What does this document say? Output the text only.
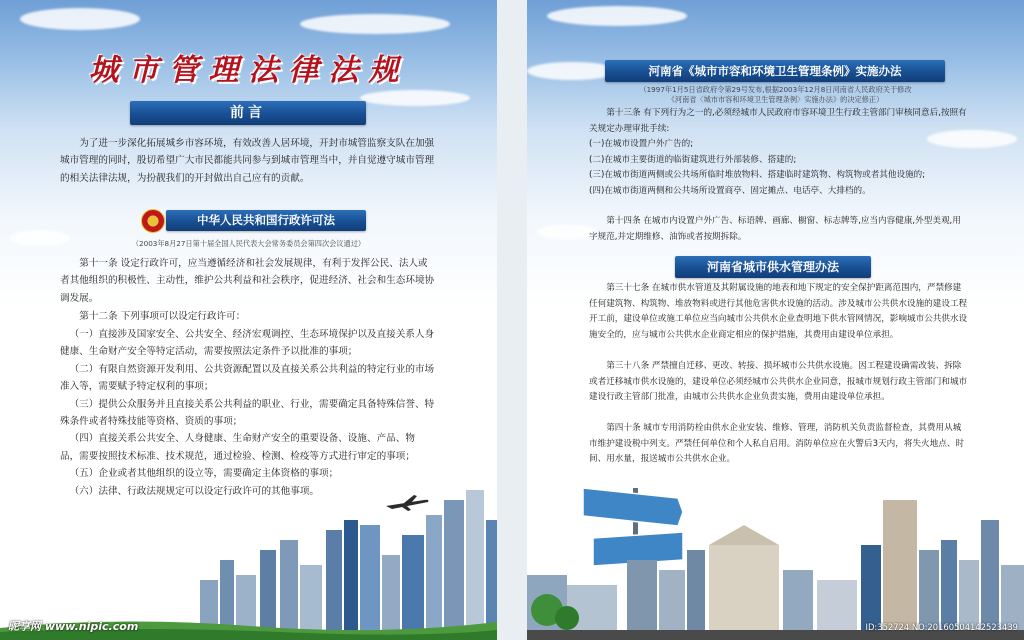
城市管理法律法规
前言

为了进一步深化拓展城乡市容环境，有效改善人居环境，开封市城管监察支队在加强城市管理的同时，殷切希望广大市民都能共同参与到城市管理当中，并自觉遵守城市管理的相关法律法规，为扮靓我们的开封做出自己应有的贡献。

中华人民共和国行政许可法
（2003年8月27日第十届全国人民代表大会常务委员会第四次会议通过）

第十一条 设定行政许可，应当遵循经济和社会发展规律，有利于发挥公民、法人或者其他组织的积极性、主动性，维护公共利益和社会秩序，促进经济、社会和生态环境协调发展。

第十二条 下列事项可以设定行政许可：

（一）直接涉及国家安全、公共安全、经济宏观调控、生态环境保护以及直接关系人身健康、生命财产安全等特定活动，需要按照法定条件予以批准的事项；

（二）有限自然资源开发利用、公共资源配置以及直接关系公共利益的特定行业的市场准入等，需要赋予特定权利的事项；

（三）提供公众服务并且直接关系公共利益的职业、行业，需要确定具备特殊信誉、特殊条件或者特殊技能等资格、资质的事项；

（四）直接关系公共安全、人身健康、生命财产安全的重要设备、设施、产品、物品，需要按照技术标准、技术规范，通过检验、检测、检疫等方式进行审定的事项；

（五）企业或者其他组织的设立等，需要确定主体资格的事项；

（六）法律、行政法规规定可以设定行政许可的其他事项。

昵享网 www.nipic.com
河南省《城市市容和环境卫生管理条例》实施办法
（1997年1月5日省政府令第29号发布,根据2003年12月8日河南省人民政府关于修改
《河南省〈城市市容和环境卫生管理条例〉实施办法》的决定修正）

第十三条 有下列行为之一的,必须经城市人民政府市容环境卫生行政主管部门审核同意后,按照有关规定办理审批手续:

(一)在城市设置户外广告的;

(二)在城市主要街道的临街建筑进行外部装修、搭建的;

(三)在城市街道两侧或公共场所临时堆放物料、搭建临时建筑物、构筑物或者其他设施的;

(四)在城市街道两侧和公共场所设置商亭、固定摊点、电话亭、大排档的。

第十四条 在城市内设置户外广告、标语牌、画廊、橱窗、标志牌等,应当内容健康,外型美观,用字规范,并定期维修、油饰或者按期拆除。

河南省城市供水管理办法

第三十七条 在城市供水管道及其附属设施的地表和地下规定的安全保护距离范围内，严禁修建任何建筑物、构筑物、堆放物料或进行其他危害供水设施的活动。涉及城市公共供水设施的建设工程开工前，建设单位或施工单位应当向城市公共供水企业查明地下供水管网情况，影响城市公共供水设施安全的，应与城市公共供水企业商定相应的保护措施，其费用由建设单位承担。

第三十八条 严禁擅自迁移、更改、转接、损坏城市公共供水设施。因工程建设确需改装、拆除或者迁移城市供水设施的，建设单位必须经城市公共供水企业同意，报城市规划行政主管部门和城市建设行政主管部门批准，由城市公共供水企业负责实施，费用由建设单位承担。

第四十条 城市专用消防栓由供水企业安装、维修、管理，消防机关负责监督检查，其费用从城市维护建设税中列支。严禁任何单位和个人私自启用。消防单位应在火警后3天内，将失火地点、时间、用水量，报送城市公共供水企业。

ID:352724 NO:20160504142523439
